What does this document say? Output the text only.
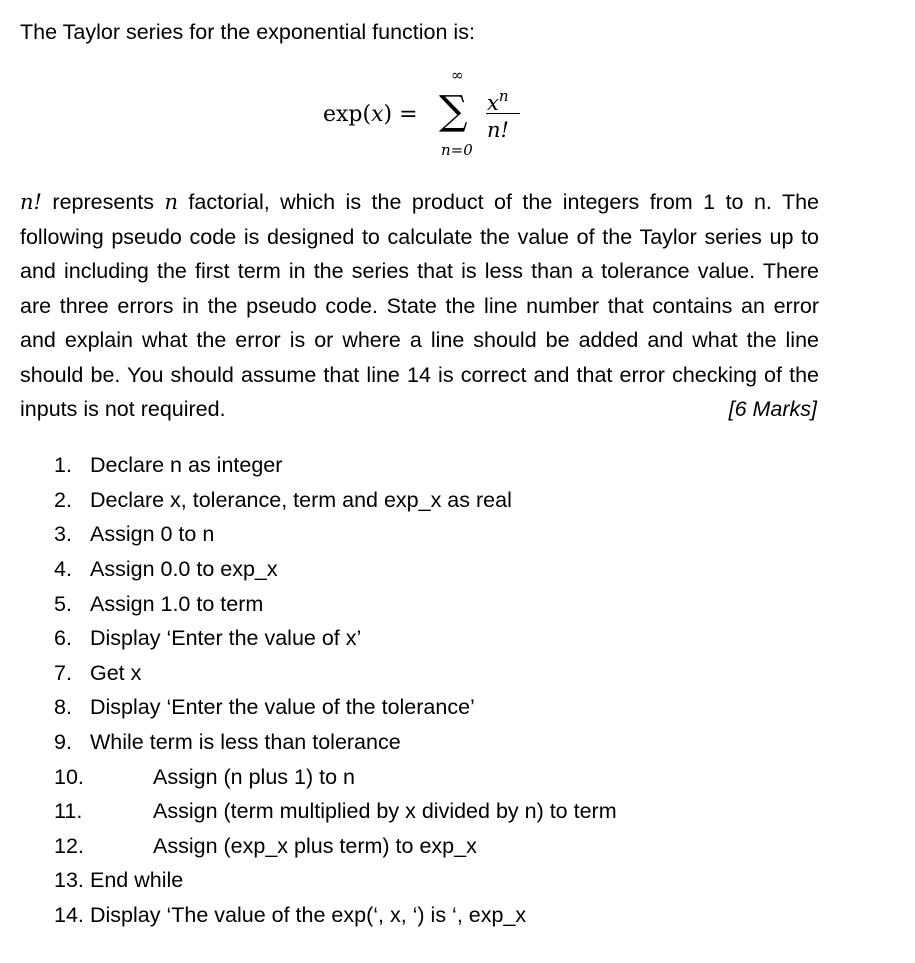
The Taylor series for the exponential function is:
exp(x) =
∞
∑
n=0
$x^n$
n!
n! represents n factorial, which is the product of the integers from 1 to n. The following pseudo code is designed to calculate the value of the Taylor series up to and including the first term in the series that is less than a tolerance value. There are three errors in the pseudo code. State the line number that contains an error and explain what the error is or where a line should be added and what the line should be. You should assume that line 14 is correct and that error checking of the inputs is not required.	[6 Marks]
1. Declare n as integer
2. Declare x, tolerance, term and exp_x as real
3. Assign 0 to n
4. Assign 0.0 to exp_x
5. Assign 1.0 to term
6. Display ‘Enter the value of x’
7. Get x
8. Display ‘Enter the value of the tolerance’
9. While term is less than tolerance
10.	Assign (n plus 1) to n
11.	Assign (term multiplied by x divided by n) to term
12.	Assign (exp_x plus term) to exp_x
13. End while
14. Display ‘The value of the exp(‘, x, ‘) is ‘, exp_x
